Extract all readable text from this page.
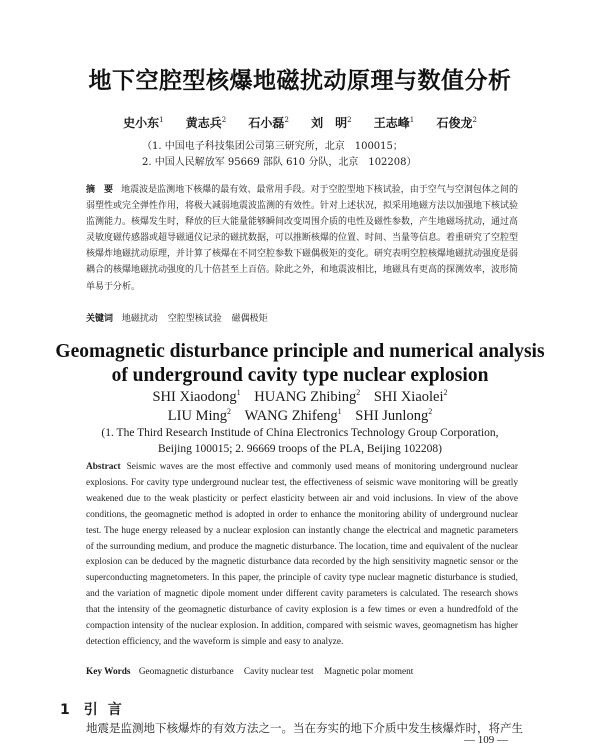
地下空腔型核爆地磁扰动原理与数值分析
史小东$^1$ 黄志兵$^2$ 石小磊$^2$ 刘　明$^2$ 王志峰$^1$ 石俊龙$^2$
（1. 中国电子科技集团公司第三研究所，北京　100015；
2. 中国人民解放军 95669 部队 610 分队，北京　102208）
摘　要 地震波是监测地下核爆的最有效、最常用手段。对于空腔型地下核试验，由于空气与空洞包体之间的弱塑性或完全弹性作用，将极大减弱地震波监测的有效性。针对上述状况，拟采用地磁方法以加强地下核试验监测能力。核爆发生时，释放的巨大能量能够瞬间改变周围介质的电性及磁性参数，产生地磁场扰动，通过高灵敏度磁传感器或超导磁通仪记录的磁扰数据，可以推断核爆的位置、时间、当量等信息。着重研究了空腔型核爆炸地磁扰动原理，并计算了核爆在不同空腔参数下磁偶极矩的变化。研究表明空腔核爆地磁扰动强度是弱耦合的核爆地磁扰动强度的几十倍甚至上百倍。除此之外，和地震波相比，地磁具有更高的探测效率，波形简单易于分析。
关键词 地磁扰动 空腔型核试验 磁偶极矩
Geomagnetic disturbance principle and numerical analysis
of underground cavity type nuclear explosion
SHI Xiaodong$^1$ HUANG Zhibing$^2$ SHI Xiaolei$^2$
LIU Ming$^2$ WANG Zhifeng$^1$ SHI Junlong$^2$
(1. The Third Research Institude of China Electronics Technology Group Corporation,
Beijing 100015; 2. 96669 troops of the PLA, Beijing 102208)
Abstract Seismic waves are the most effective and commonly used means of monitoring underground nuclear explosions. For cavity type underground nuclear test, the effectiveness of seismic wave monitoring will be greatly weakened due to the weak plasticity or perfect elasticity between air and void inclusions. In view of the above conditions, the geomagnetic method is adopted in order to enhance the monitoring ability of underground nuclear test. The huge energy released by a nuclear explosion can instantly change the electrical and magnetic parameters of the surrounding medium, and produce the magnetic disturbance. The location, time and equivalent of the nuclear explosion can be deduced by the magnetic disturbance data recorded by the high sensitivity magnetic sensor or the superconducting magnetometers. In this paper, the principle of cavity type nuclear magnetic disturbance is studied, and the variation of magnetic dipole moment under different cavity parameters is calculated. The research shows that the intensity of the geomagnetic disturbance of cavity explosion is a few times or even a hundredfold of the compaction intensity of the nuclear explosion. In addition, compared with seismic waves, geomagnetism has higher detection efficiency, and the waveform is simple and easy to analyze.
Key Words Geomagnetic disturbance Cavity nuclear test Magnetic polar moment
1 引言
地震是监测地下核爆炸的有效方法之一。当在夯实的地下介质中发生核爆炸时，将产生
— 109 —
